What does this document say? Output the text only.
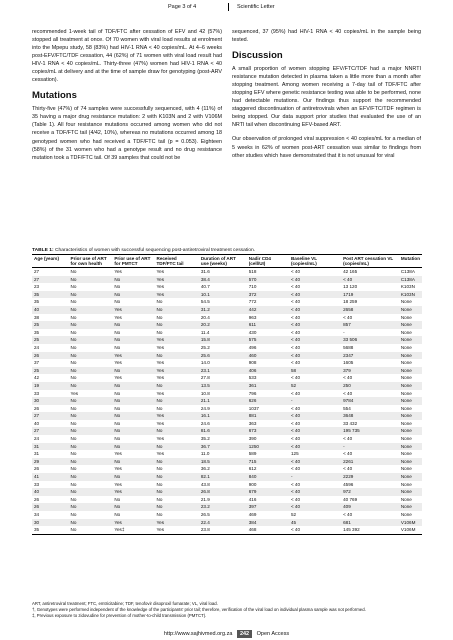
Page 3 of 4	Scientific Letter

recommended 1-week tail of TDF/FTC after cessation of EFV and 42 (57%) stopped all treatment at once. Of 70 women with viral load results at enrolment into the Mpepu study, 58 (83%) had HIV-1 RNA < 40 copies/mL. At 4–6 weeks post-EFV/FTC/TDF cessation, 44 (62%) of 71 women with viral load result had HIV-1 RNA < 40 copies/mL. Thirty-three (47%) women had HIV-1 RNA < 40 copies/mL at delivery and at the time of sample draw for genotyping (post-ARV cessation).

Mutations

Thirty-five (47%) of 74 samples were successfully sequenced, with 4 (11%) of 35 having a major drug resistance mutation: 2 with K103N and 2 with V106M (Table 1). All four resistance mutations occurred among women who did not receive a TDF/FTC tail (4/42, 10%), whereas no mutations occurred among 18 genotyped women who had received a TDF/FTC tail (p = 0.053). Eighteen (58%) of the 31 women who had a genotype result and no drug resistance mutation took a TDF/FTC tail. Of 39 samples that could not be

sequenced, 37 (95%) had HIV-1 RNA < 40 copies/mL in the sample being tested.

Discussion

A small proportion of women stopping EFV/FTC/TDF had a major NNRTI resistance mutation detected in plasma taken a little more than a month after stopping treatment. Among women receiving a 7-day tail of TDF/FTC after stopping EFV where genetic resistance testing was able to be performed, none had detectable mutations. Our findings thus support the recommended staggered discontinuation of antiretrovirals when an EFV/FTC/TDF regimen is being stopped. Our data support prior studies that evaluated the use of an NRTI tail when discontinuing EFV-based ART.

Our observation of prolonged viral suppression < 40 copies/mL for a median of 5 weeks in 62% of women post-ART cessation was similar to findings from other studies which have demonstrated that it is not unusual for viral

TABLE 1: Characteristics of women with successful sequencing post-antiretroviral treatment cessation.
Age (years)	Prior use of ART for own health	Prior use of ART for PMTCT	Received TDF/FTC tail	Duration of ART use (weeks)	Nadir CD4 (cell/UI)	Baseline VL (copies/mL)	Post ART cessation VL (copies/mL)	Mutation
27	No	Yes	Yes	31.6	518	< 40	42 165	C138A
27	No	No	Yes	38.4	570	< 40	< 40	C138A
23	No	No	Yes	40.7	710	< 40	13 120	K103N
35	No	No	Yes	10.1	372	< 40	1719	K103N
35	No	No	No	54.5	772	< 40	18 259	None
40	No	Yes	No	31.2	442	< 40	2658	None
38	No	Yes	No	20.4	963	< 40	< 40	None
25	No	No	No	20.2	611	< 40	857	None
35	No	No	No	11.4	430	< 40	-	None
25	No	No	Yes	15.8	575	< 40	33 506	None
24	No	No	Yes	25.2	496	< 40	5688	None
26	No	Yes	No	25.6	460	< 40	2347	None
37	No	Yes	Yes	14.0	908	< 40	1605	None
25	No	No	Yes	23.1	406	58	379	None
42	No	Yes	Yes	27.8	533	< 40	< 40	None
19	No	No	No	13.5	361	52	250	None
33	Yes	No	Yes	10.8	796	< 40	< 40	None
30	No	No	No	21.1	626	-	9784	None
26	No	No	No	24.9	1037	< 40	554	None
27	No	No	Yes	16.1	881	< 40	3648	None
40	No	No	Yes	24.6	363	< 40	33 432	None
27	No	No	No	81.6	673	< 40	195 735	None
24	No	No	Yes	35.2	390	< 40	< 40	None
31	No	No	No	36.7	1250	< 40	-	None
31	No	Yes	Yes	11.0	589	125	< 40	None
29	No	No	No	18.5	715	< 40	2261	None
26	No	Yes	No	36.2	612	< 40	< 40	None
41	No	No	No	82.1	840	-	2229	None
33	No	Yes	No	43.8	900	< 40	4596	None
40	No	Yes	No	26.8	679	< 40	972	None
26	No	No	No	21.9	416	< 40	40 769	None
26	No	No	No	23.2	397	< 40	409	None
34	No	No	No	26.5	469	52	< 40	None
30	No	Yes	Yes	22.4	384	45	681	V106M
35	No	Yes‡	Yes	23.8	468	< 40	145 392	V106M
ART, antiretroviral treatment; FTC, emtricitabine; TDF, tenofovir disoproxil fumarate; VL, viral load.
†, Genotypes were performed independent of the knowledge of the participants' prior tail; therefore, verification of the viral load on individual plasma sample was not performed.
‡, Previous exposure to zidovudine for prevention of mother-to-child transmission (PMTCT).
http://www.sajhivmed.org.za 242 Open Access
